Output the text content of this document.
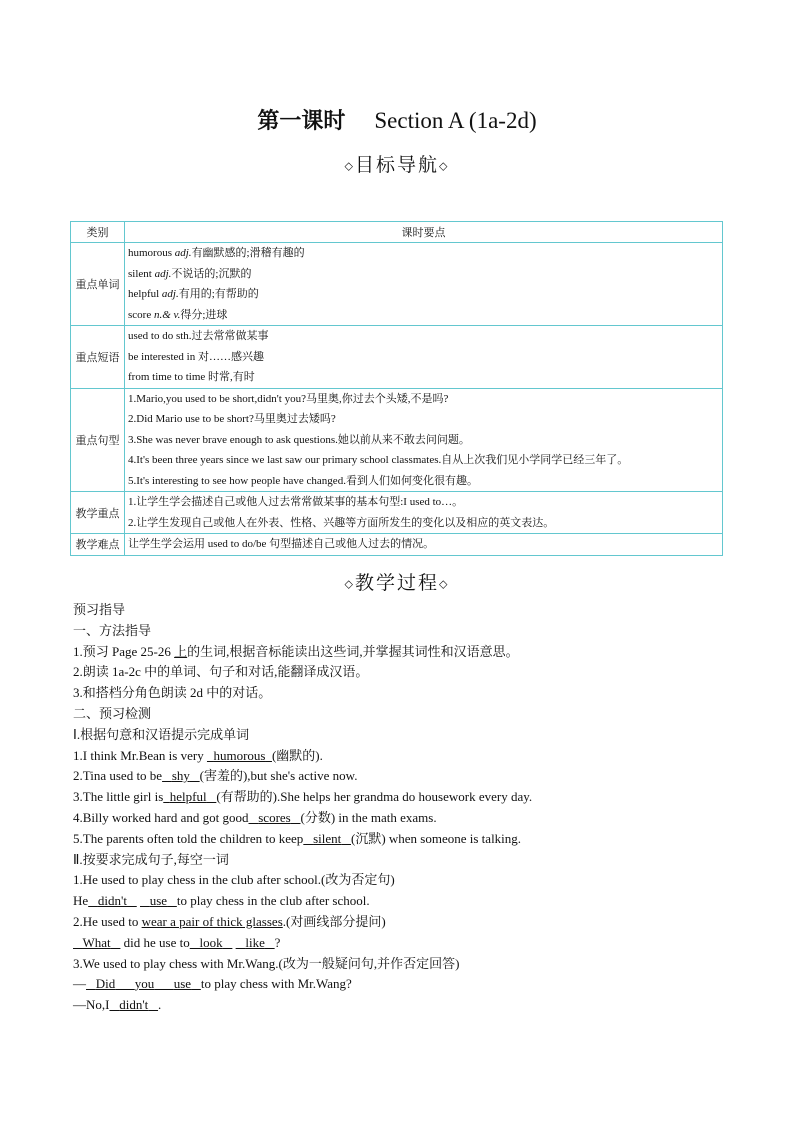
第一课时 Section A (1a-2d)
◇目标导航◇
类别	课时要点
重点单词	humorous adj.有幽默感的;滑稽有趣的
silent adj.不说话的;沉默的
helpful adj.有用的;有帮助的
score n.& v.得分;进球

重点短语	used to do sth.过去常常做某事
be interested in 对……感兴趣
from time to time 时常,有时

重点句型	1.Mario,you used to be short,didn't you?马里奥,你过去个头矮,不是吗?
2.Did Mario use to be short?马里奥过去矮吗?
3.She was never brave enough to ask questions.她以前从来不敢去问问题。
4.It's been three years since we last saw our primary school classmates.自从上次我们见小学同学已经三年了。
5.It's interesting to see how people have changed.看到人们如何变化很有趣。

教学重点	1.让学生学会描述自己或他人过去常常做某事的基本句型:I used to…。
2.让学生发现自己或他人在外表、性格、兴趣等方面所发生的变化以及相应的英文表达。

教学难点	让学生学会运用 used to do/be 句型描述自己或他人过去的情况。
◇教学过程◇
预习指导
一、方法指导
1.预习 Page 25-26 上的生词,根据音标能读出这些词,并掌握其词性和汉语意思。
2.朗读 1a-2c 中的单词、句子和对话,能翻译成汉语。
3.和搭档分角色朗读 2d 中的对话。
二、预习检测
Ⅰ.根据句意和汉语提示完成单词
1.I think Mr.Bean is very   humorous (幽默的).
2.Tina used to be shy (害羞的),but she's active now.
3.The little girl is helpful (有帮助的).She helps her grandma do housework every day.
4.Billy worked hard and got good scores (分数) in the math exams.
5.The parents often told the children to keep silent (沉默) when someone is talking.
Ⅱ.按要求完成句子,每空一词
1.He used to play chess in the club after school.(改为否定句)
He didn't use to play chess in the club after school.
2.He used to wear a pair of thick glasses.(对画线部分提问)
What did he use to look like ?
3.We used to play chess with Mr.Wang.(改为一般疑问句,并作否定回答)
— Did you use to play chess with Mr.Wang?
—No,I didn't .
